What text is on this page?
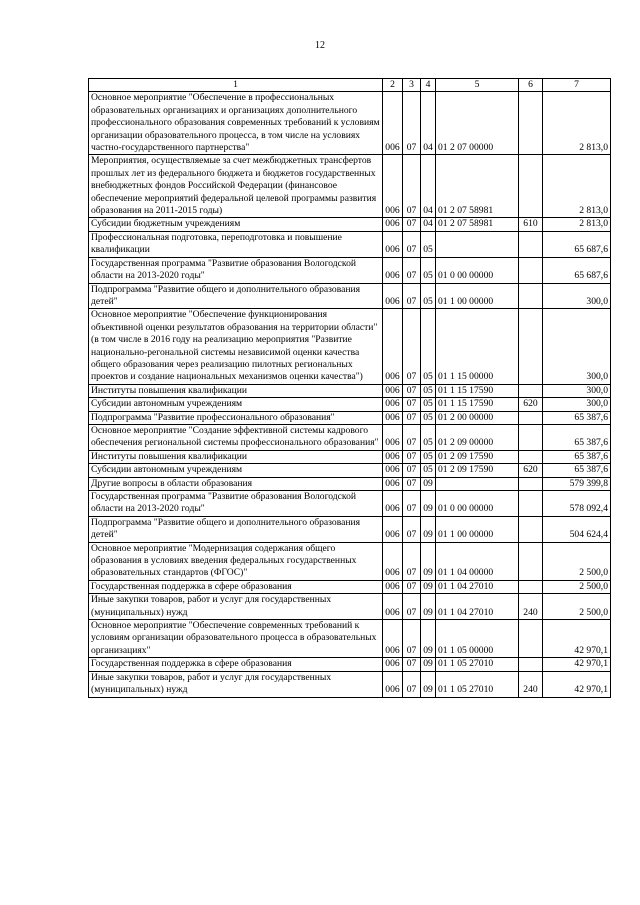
12
1	2	3	4	5	6	7
Основное мероприятие "Обеспечение в профессиональных образовательных организациях и организациях дополнительного профессионального образования современных требований к условиям организации образовательного процесса, в том числе на условиях частно-государственного партнерства"	006	07	04	01 2 07 00000		2 813,0
Мероприятия, осуществляемые за счет межбюджетных трансфертов прошлых лет из федерального бюджета и бюджетов государственных внебюджетных фондов Российской Федерации (финансовое обеспечение мероприятий федеральной целевой программы развития образования на 2011-2015 годы)	006	07	04	01 2 07 58981		2 813,0
Субсидии бюджетным учреждениям	006	07	04	01 2 07 58981	610	2 813,0
Профессиональная подготовка, переподготовка и повышение квалификации	006	07	05			65 687,6
Государственная программа "Развитие образования Вологодской области на 2013-2020 годы"	006	07	05	01 0 00 00000		65 687,6
Подпрограмма "Развитие общего и дополнительного образования детей"	006	07	05	01 1 00 00000		300,0
Основное мероприятие "Обеспечение функционирования объективной оценки результатов образования на территории области" (в том числе в 2016 году на реализацию мероприятия "Развитие национально-регональной системы независимой оценки качества общего образования через реализацию пилотных региональных проектов и создание национальных механизмов оценки качества")	006	07	05	01 1 15 00000		300,0
Институты повышения квалификации	006	07	05	01 1 15 17590		300,0
Субсидии автономным учреждениям	006	07	05	01 1 15 17590	620	300,0
Подпрограмма "Развитие профессионального образования"	006	07	05	01 2 00 00000		65 387,6
Основное мероприятие "Создание эффективной системы кадрового обеспечения региональной системы профессионального образования"	006	07	05	01 2 09 00000		65 387,6
Институты повышения квалификации	006	07	05	01 2 09 17590		65 387,6
Субсидии автономным учреждениям	006	07	05	01 2 09 17590	620	65 387,6
Другие вопросы в области образования	006	07	09			579 399,8
Государственная программа "Развитие образования Вологодской области на 2013-2020 годы"	006	07	09	01 0 00 00000		578 092,4
Подпрограмма "Развитие общего и дополнительного образования детей"	006	07	09	01 1 00 00000		504 624,4
Основное мероприятие "Модернизация содержания общего образования в условиях введения федеральных государственных образовательных стандартов (ФГОС)"	006	07	09	01 1 04 00000		2 500,0
Государственная поддержка в сфере образования	006	07	09	01 1 04 27010		2 500,0
Иные закупки товаров, работ и услуг для государственных (муниципальных) нужд	006	07	09	01 1 04 27010	240	2 500,0
Основное мероприятие "Обеспечение современных требований к условиям организации образовательного процесса в образовательных организациях"	006	07	09	01 1 05 00000		42 970,1
Государственная поддержка в сфере образования	006	07	09	01 1 05 27010		42 970,1
Иные закупки товаров, работ и услуг для государственных (муниципальных) нужд	006	07	09	01 1 05 27010	240	42 970,1
